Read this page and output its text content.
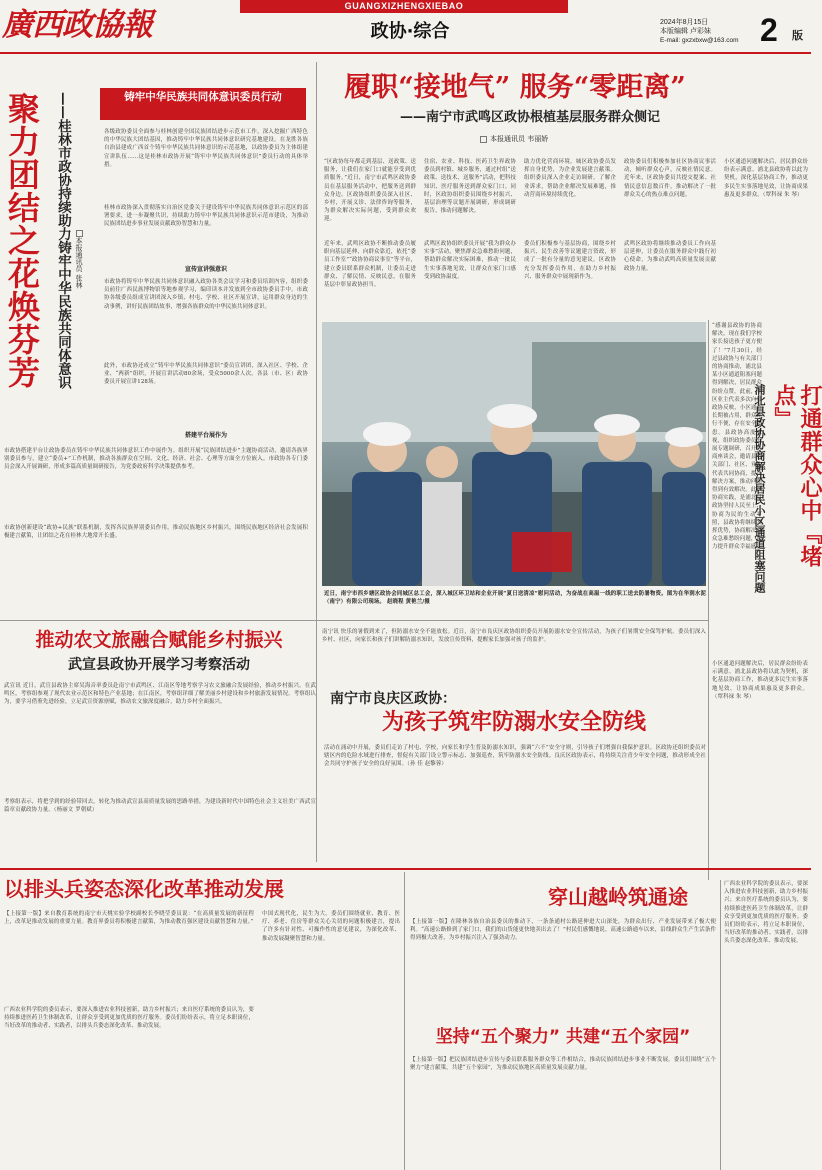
廣西政協報
GUANGXIZHENGXIEBAO
政协·综合	2024年8月15日
本版编辑 卢彩妹
E-mail: gxzxbxw@163.com 2 版
聚力团结之花焕芬芳 ——桂林市政协持续助力铸牢中华民族共同体意识 本报通讯员 张林
铸牢中华民族共同体意识委员行动
各级政协委员全面参与桂林创建全国民族团结进步示范市工作，深入挖掘广西特色的中华民族大团结基因，推动铸牢中华民族共同体意识研究基地建设。在龙胜各族自治县建成广西首个铸牢中华民族共同体意识的示范基地，以政协委员为主体组建宣讲队伍……这是桂林市政协开展“铸牢中华民族共同体意识”委员行动的具体举措。
桂林市政协深入贯彻落实自治区党委关于建设铸牢中华民族共同体意识示范区的部署要求，进一步凝聚共识，持续助力铸牢中华民族共同体意识示范市建设，为推动民族团结进步事业发展贡献政协智慧和力量。
宣传宣讲强意识
市政协将铸牢中华民族共同体意识融入政协各类会议学习和委员培训内容，组织委员前往广西民族博物馆等地参观学习，编印读本并发放到全市政协委员手中。市政协各级委员组成宣讲团深入乡镇、村屯、学校、社区开展宣讲，运用群众身边的生动事例，讲好民族团结故事，增强各族群众的中华民族共同体意识。
此外，市政协还成立“铸牢中华民族共同体意识”委员宣讲团，深入社区、学校、企业、“两新”组织，开展宣讲活动80余场，受众5000余人次。各县（市、区）政协委员开展宣讲128场。
搭建平台展作为
市政协搭建平台让政协委员在铸牢中华民族共同体意识工作中展作为。组织开展“民族团结进步”主题协商活动，邀请各族界别委员参与，建立“委员+”工作机制，推动各族群众在空间、文化、经济、社会、心理等方面全方位嵌入。市政协各专门委员会深入开展调研，形成多篇高质量调研报告，为党委政府科学决策提供参考。
市政协创新建设“政协+民族”联系机制，发挥各民族界别委员作用，推动民族地区乡村振兴，围绕民族地区经济社会发展积极建言献策，让团结之花在桂林大地常开长盛。
履职“接地气” 服务“零距离”
——南宁市武鸣区政协根植基层服务群众侧记
本报通讯员 韦丽娇
“区政协每年都走到基层、送政策、送服务，让我们在家门口就能享受到优质服务。”近日，南宁市武鸣区政协委员在基层服务活动中，把服务送到群众身边。区政协组织委员深入社区、乡村，开展义诊、法律咨询等服务，为群众解决实际问题，受到群众欢迎。
近年来，武鸣区政协不断推动委员履职向基层延伸、向群众靠近，依托“委员工作室”“政协协商议事室”等平台，建立委员联系群众机制，让委员走进群众、了解民情、反映民意，在服务基层中彰显政协担当。
住宿、农业、科技、医药卫生界政协委员到村镇、城乡服务，通过村组“送政策、送技术、送服务”活动，把科技知识、医疗服务送到群众家门口。同时，区政协组织委员围绕乡村振兴、基层治理等议题开展调研，形成调研报告，推动问题解决。
武鸣区政协组织委员开展“我为群众办实事”活动，聚焦群众急难愁盼问题，帮助群众解决实际困难，推动一批民生实事落地见效，让群众在家门口感受到政协温度。
助力优化营商环境，城区政协委员发挥自身优势，为企业发展建言献策。组织委员深入企业走访调研，了解企业诉求，帮助企业解决发展难题，推动营商环境持续优化。
委员们积极参与基层协商，围绕乡村振兴、民生改善等议题建言资政，形成了一批有分量的意见建议。区政协充分发挥委员作用，在助力乡村振兴、服务群众中展现新作为。
政协委员们积极参加社区协商议事活动，倾听群众心声，反映社情民意。近年来，区政协委员共提交提案、社情民意信息数百件，推动解决了一批群众关心的热点难点问题。
武鸣区政协将继续推动委员工作向基层延伸，让委员在服务群众中践行初心使命，为推动武鸣高质量发展贡献政协力量。
小区通道问题解决后，居民群众纷纷表示满意。浦北县政协将以此为契机，深化基层协商工作，推动更多民生实事落地见效，让协商成果惠及更多群众。（覃科禄 朱 琴）
近日，南宁市西乡塘区政协会同城区总工会，深入城区环卫站和企业开展“夏日送清凉”慰问活动，为奋战在高温一线的职工送去防暑物资。图为在华润水泥（南宁）有限公司现场。 赵晓程 黄艳兰/摄
“感谢县政协的协商解决，现在我们学校家长接送孩子更方便了！”7月30日，经过县政协与有关部门的协商推动，浦北县某小区通道阻塞问题得到解决，居民群众纷纷点赞。此前，小区业主代表多次向县政协反映，小区通道长期被占用，群众出行不便，存在安全隐患。县政协高度重视，组织政协委员开展专题调研，召开协商座谈会，邀请县有关部门、社区、业主代表共同协商，提出解决方案，推动问题得到有效解决。此次协商实践，是浦北县政协坚持人民至上、协商为民的生动写照，县政协将继续发挥优势，协商解决群众急难愁盼问题，助力提升群众幸福感。	打通群众心中『堵点』
浦北县政协协商解决居民小区通道阻塞问题
小区通道问题解决后，居民群众纷纷表示满意。浦北县政协将以此为契机，深化基层协商工作，推动更多民生实事落地见效，让协商成果惠及更多群众。（覃科禄 朱 琴）
推动农文旅融合赋能乡村振兴
武宣县政协开展学习考察活动
武宣讯 近日，武宣县政协主席吴海音率委员赴南宁市武鸣区、江南区等地考察学习农文旅融合发展经验，推动乡村振兴。在武鸣区，考察组参观了现代农业示范区和特色产业基地；在江南区，考察组详细了解美丽乡村建设和乡村旅游发展情况。考察组认为，要学习借鉴先进经验，立足武宣资源禀赋，推动农文旅深度融合，助力乡村全面振兴。
考察组表示，将把学到的经验带回去，转化为推动武宣县高质量发展的思路举措，为建设新时代中国特色社会主义壮美广西武宣篇章贡献政协力量。（杨丽文 罗朝斌）
南宁讯 快乐的暑假到来了，但防溺水安全不能放松。近日，南宁市良庆区政协组织委员开展防溺水安全宣传活动，为孩子们暑期安全保驾护航。委员们深入乡村、社区，向家长和孩子们讲解防溺水知识，发放宣传资料，提醒家长加强对孩子的监护。
南宁市良庆区政协：
为孩子筑牢防溺水安全防线
活动在涌动中开展，委员们走访了村屯、学校，向家长和学生普及防溺水知识，强调“六不”安全守则，引导孩子们增强自我保护意识。区政协还组织委员对辖区内的危险水域进行排查，督促有关部门设立警示标志、加强巡查，筑牢防溺水安全防线。良庆区政协表示，将持续关注青少年安全问题，推动形成全社会共同守护孩子安全的良好氛围。（孙 佳 赵黎蓉）
以排头兵姿态深化改革推动发展
【上接第一版】来自教育系统的南宁市天桃实验学校副校长李晓莹委员说：“在高质量发展的新征程上，改革是推动发展的重要力量。教育界委员将积极建言献策，为推动教育强区建设贡献智慧和力量。”
广西农业科学院的委员表示，要深入推进农业科技创新，助力乡村振兴；来自医疗系统的委员认为，要持续推进医药卫生体制改革，让群众享受到更加优质的医疗服务。委员们纷纷表示，将立足本职岗位，当好改革的推动者、实践者，以排头兵姿态深化改革、推动发展。
中国式现代化，民生为大。委员们围绕就业、教育、医疗、养老、住房等群众关心关切的问题积极建言，提出了许多有针对性、可操作性的意见建议，为深化改革、推动发展凝聚智慧和力量。
穿山越岭筑通途
【上接第一版】在隆林各族自治县委员的推动下，一条条通村公路延伸进大山深处，为群众出行、产业发展带来了极大便利。“高速公路修到了家门口，我们的山货能更快地卖出去了！”村民们感慨地说。高速公路通车以来，沿线群众生产生活条件得到极大改善，为乡村振兴注入了强劲动力。
坚持“五个聚力” 共建“五个家园”
【上接第一版】把民族团结进步宣传与委员联系服务群众等工作相结合，推动民族团结进步事业不断发展。委员们围绕“五个聚力”建言献策，共建“五个家园”，为推动民族地区高质量发展贡献力量。
广西农业科学院的委员表示，要深入推进农业科技创新，助力乡村振兴；来自医疗系统的委员认为，要持续推进医药卫生体制改革，让群众享受到更加优质的医疗服务。委员们纷纷表示，将立足本职岗位，当好改革的推动者、实践者，以排头兵姿态深化改革、推动发展。
